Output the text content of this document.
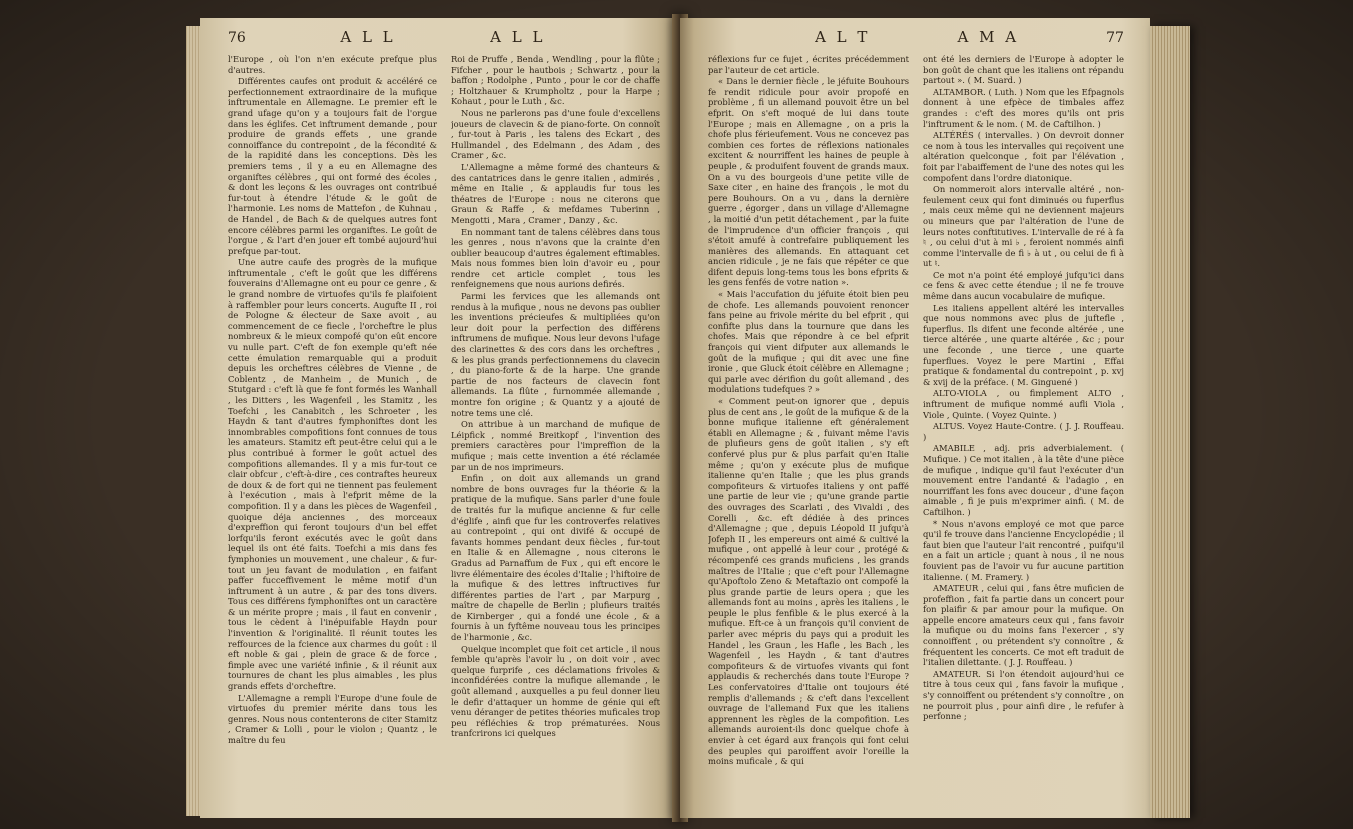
76	A L L	A L L

l'Europe , où l'on n'en exécute prefque plus d'autres.

Différentes caufes ont produit & accéléré ce perfectionnement extraordinaire de la mufique inftrumentale en Allemagne. Le premier eft le grand ufage qu'on y a toujours fait de l'orgue dans les églifes. Cet inftrument demande , pour produire de grands effets , une grande connoiffance du contrepoint , de la fécondité & de la rapidité dans les conceptions. Dès les premiers tems , il y a eu en Allemagne des organiftes célèbres , qui ont formé des écoles , & dont les leçons & les ouvrages ont contribué fur-tout à étendre l'étude & le goût de l'harmonie. Les noms de Mattefon , de Kuhnau , de Handel , de Bach & de quelques autres font encore célèbres parmi les organiftes. Le goût de l'orgue , & l'art d'en jouer eft tombé aujourd'hui prefque par-tout.

Une autre caufe des progrès de la mufique inftrumentale , c'eft le goût que les différens fouverains d'Allemagne ont eu pour ce genre , & le grand nombre de virtuofes qu'ils fe plaifoient à raffembler pour leurs concerts. Augufte II , roi de Pologne & électeur de Saxe avoit , au commencement de ce fiecle , l'orcheftre le plus nombreux & le mieux compofé qu'on eût encore vu nulle part. C'eft de fon exemple qu'eft née cette émulation remarquable qui a produit depuis les orcheftres célèbres de Vienne , de Coblentz , de Manheim , de Munich , de Stutgard : c'eft là que fe font formés les Wanhall , les Ditters , les Wagenfeil , les Stamitz , les Toefchi , les Canabitch , les Schroeter , les Haydn & tant d'autres fymphoniftes dont les innombrables compofitions font connues de tous les amateurs. Stamitz eft peut-être celui qui a le plus contribué à former le goût actuel des compofitions allemandes. Il y a mis fur-tout ce clair obfcur , c'eft-à-dire , ces contraftes heureux de doux & de fort qui ne tiennent pas feulement à l'exécution , mais à l'efprit même de la compofition. Il y a dans les pièces de Wagenfeil , quoique déja anciennes , des morceaux d'expreffion qui feront toujours d'un bel effet lorfqu'ils feront exécutés avec le goût dans lequel ils ont été faits. Toefchi a mis dans fes fymphonies un mouvement , une chaleur , & fur-tout un jeu favant de modulation , en faifant paffer fucceffivement le même motif d'un inftrument à un autre , & par des tons divers. Tous ces différens fymphoniftes ont un caractère & un mérite propre ; mais , il faut en convenir , tous le cèdent à l'inépuifable Haydn pour l'invention & l'originalité. Il réunit toutes les reffources de la fcience aux charmes du goût : il eft noble & gai , plein de grace & de force , fimple avec une variété infinie , & il réunit aux tournures de chant les plus aimables , les plus grands effets d'orcheftre.

L'Allemagne a rempli l'Europe d'une foule de virtuofes du premier mérite dans tous les genres. Nous nous contenterons de citer Stamitz , Cramer & Lolli , pour le violon ; Quantz , le maître du feu

Roi de Pruffe , Benda , Wendling , pour la flûte ; Fifcher , pour le hautbois ; Schwartz , pour la baffon ; Rodolphe , Punto , pour le cor de chaffe ; Holtzhauer & Krumpholtz , pour la Harpe ; Kohaut , pour le Luth , &c.

Nous ne parlerons pas d'une foule d'excellens joueurs de clavecin & de piano-forte. On connoît , fur-tout à Paris , les talens des Eckart , des Hullmandel , des Edelmann , des Adam , des Cramer , &c.

L'Allemagne a même formé des chanteurs & des cantatrices dans le genre italien , admirés , même en Italie , & applaudis fur tous les théatres de l'Europe : nous ne citerons que Graun & Raffe , & mefdames Tuberinn , Mengotti , Mara , Cramer , Danzy , &c.

En nommant tant de talens célèbres dans tous les genres , nous n'avons que la crainte d'en oublier beaucoup d'autres également eftimables. Mais nous fommes bien loin d'avoir eu , pour rendre cet article complet , tous les renfeignemens que nous aurions defirés.

Parmi les fervices que les allemands ont rendus à la mufique , nous ne devons pas oublier les inventions précieufes & multipliées qu'on leur doit pour la perfection des différens inftrumens de mufique. Nous leur devons l'ufage des clarinettes & des cors dans les orcheftres , & les plus grands perfectionnemens du clavecin , du piano-forte & de la harpe. Une grande partie de nos facteurs de clavecin font allemands. La flûte , furnommée allemande , montre fon origine ; & Quantz y a ajouté de notre tems une clé.

On attribue à un marchand de mufique de Léipfick , nommé Breitkopf , l'invention des premiers caractères pour l'impreffion de la mufique ; mais cette invention a été réclamée par un de nos imprimeurs.

Enfin , on doit aux allemands un grand nombre de bons ouvrages fur la théorie & la pratique de la mufique. Sans parler d'une foule de traités fur la mufique ancienne & fur celle d'églife , ainfi que fur les controverfes relatives au contrepoint , qui ont divifé & occupé de favants hommes pendant deux fiècles , fur-tout en Italie & en Allemagne , nous citerons le Gradus ad Parnaffum de Fux , qui eft encore le livre élémentaire des écoles d'Italie ; l'hiftoire de la mufique & des lettres inftructives fur différentes parties de l'art , par Marpurg , maître de chapelle de Berlin ; plufieurs traités de Kirnberger , qui a fondé une école , & a fournis à un fyftême nouveau tous les principes de l'harmonie , &c.

Quelque incomplet que foit cet article , il nous femble qu'après l'avoir lu , on doit voir , avec quelque furprife , ces déclamations frivoles & inconfidérées contre la mufique allemande , le goût allemand , auxquelles a pu feul donner lieu le defir d'attaquer un homme de génie qui eft venu déranger de petites théories muficales trop peu réfléchies & trop prématurées. Nous tranfcrirons ici quelques

A L T	A M A	77

réflexions fur ce fujet , écrites précédemment par l'auteur de cet article.

« Dans le dernier fiècle , le jéfuite Bouhours fe rendit ridicule pour avoir propofé en problème , fi un allemand pouvoit être un bel efprit. On s'eft moqué de lui dans toute l'Europe ; mais en Allemagne , on a pris la chofe plus férieufement. Vous ne concevez pas combien ces fortes de réflexions nationales excitent & nourriffent les haines de peuple à peuple , & produifent fouvent de grands maux. On a vu des bourgeois d'une petite ville de Saxe citer , en haine des françois , le mot du pere Bouhours. On a vu , dans la dernière guerre , égorger , dans un village d'Allemagne , la moitié d'un petit détachement , par la fuite de l'imprudence d'un officier françois , qui s'étoit amufé à contrefaire publiquement les manières des allemands. En attaquant cet ancien ridicule , je ne fais que répéter ce que difent depuis long-tems tous les bons efprits & les gens fenfés de votre nation ».

« Mais l'accufation du jéfuite étoit bien peu de chofe. Les allemands pouvoient renoncer fans peine au frivole mérite du bel efprit , qui confifte plus dans la tournure que dans les chofes. Mais que répondre à ce bel efprit françois qui vient difputer aux allemands le goût de la mufique ; qui dit avec une fine ironie , que Gluck étoit célèbre en Allemagne ; qui parle avec dérifion du goût allemand , des modulations tudefques ? »

« Comment peut-on ignorer que , depuis plus de cent ans , le goût de la mufique & de la bonne mufique italienne eft généralement établi en Allemagne ; & , fuivant même l'avis de plufieurs gens de goût italien , s'y eft confervé plus pur & plus parfait qu'en Italie même ; qu'on y exécute plus de mufique italienne qu'en Italie ; que les plus grands compofiteurs & virtuofes italiens y ont paffé une partie de leur vie ; qu'une grande partie des ouvrages des Scarlati , des Vivaldi , des Corelli , &c. eft dédiée à des princes d'Allemagne ; que , depuis Léopold II jufqu'à Jofeph II , les empereurs ont aimé & cultivé la mufique , ont appellé à leur cour , protégé & récompenfé ces grands muficiens , les grands maîtres de l'Italie ; que c'eft pour l'Allemagne qu'Apoftolo Zeno & Metaftazio ont compofé la plus grande partie de leurs opera ; que les allemands font au moins , après les italiens , le peuple le plus fenfible & le plus exercé à la mufique. Eft-ce à un françois qu'il convient de parler avec mépris du pays qui a produit les Handel , les Graun , les Hafle , les Bach , les Wagenfeil , les Haydn , & tant d'autres compofiteurs & de virtuofes vivants qui font applaudis & recherchés dans toute l'Europe ? Les confervatoires d'Italie ont toujours été remplis d'allemands ; & c'eft dans l'excellent ouvrage de l'allemand Fux que les italiens apprennent les règles de la compofition. Les allemands auroient-ils donc quelque chofe à envier à cet égard aux françois qui font celui des peuples qui paroiffent avoir l'oreille la moins muficale , & qui

ont été les derniers de l'Europe à adopter le bon goût de chant que les italiens ont répandu partout ». ( M. Suard. )

ALTAMBOR. ( Luth. ) Nom que les Efpagnols donnent à une efpèce de timbales affez grandes : c'eft des mores qu'ils ont pris l'inftrument & le nom. ( M. de Caftilhon. )

ALTÉRÉS ( intervalles. ) On devroit donner ce nom à tous les intervalles qui reçoivent une altération quelconque , foit par l'élévation , foit par l'abaiffement de l'une des notes qui les compofent dans l'ordre diatonique.

On nommeroit alors intervalle altéré , non-feulement ceux qui font diminués ou fuperflus , mais ceux même qui ne deviennent majeurs ou mineurs que par l'altération de l'une de leurs notes conftitutives. L'intervalle de ré à fa ♮ , ou celui d'ut à mi ♭ , feroient nommés ainfi comme l'intervalle de fi ♭ à ut , ou celui de fi à ut ♮.

Ce mot n'a point été employé jufqu'ici dans ce fens & avec cette étendue ; il ne fe trouve même dans aucun vocabulaire de mufique.

Les italiens appellent altéré les intervalles que nous nommons avec plus de juftefle , fuperflus. Ils difent une feconde altérée , une tierce altérée , une quarte altérée , &c ; pour une feconde , une tierce , une quarte fuperflues. Voyez le pere Martini , Effai pratique & fondamental du contrepoint , p. xvj & xvij de la préface. ( M. Ginguené )

ALTO-VIOLA , ou fimplement ALTO , inftrument de mufique nommé aufli Viola , Viole , Quinte. ( Voyez Quinte. )

ALTUS. Voyez Haute-Contre. ( J. J. Rouffeau. )

AMABILE , adj. pris adverbialement. ( Mufique. ) Ce mot italien , à la tête d'une pièce de mufique , indique qu'il faut l'exécuter d'un mouvement entre l'andanté & l'adagio , en nourriffant les fons avec douceur , d'une façon aimable , fi je puis m'exprimer ainfi. ( M. de Caftilhon. )

* Nous n'avons employé ce mot que parce qu'il fe trouve dans l'ancienne Encyclopédie ; il faut bien que l'auteur l'ait rencontré , puifqu'il en a fait un article ; quant à nous , il ne nous fouvient pas de l'avoir vu fur aucune partition italienne. ( M. Framery. )

AMATEUR , celui qui , fans être muficien de profeffion , fait fa partie dans un concert pour fon plaifir & par amour pour la mufique. On appelle encore amateurs ceux qui , fans favoir la mufique ou du moins fans l'exercer , s'y connoiffent , ou prétendent s'y connoître , & fréquentent les concerts. Ce mot eft traduit de l'italien dilettante. ( J. J. Rouffeau. )

AMATEUR. Si l'on étendoit aujourd'hui ce titre à tous ceux qui , fans favoir la mufique , s'y connoiffent ou prétendent s'y connoître , on ne pourroit plus , pour ainfi dire , le refufer à perfonne ;
